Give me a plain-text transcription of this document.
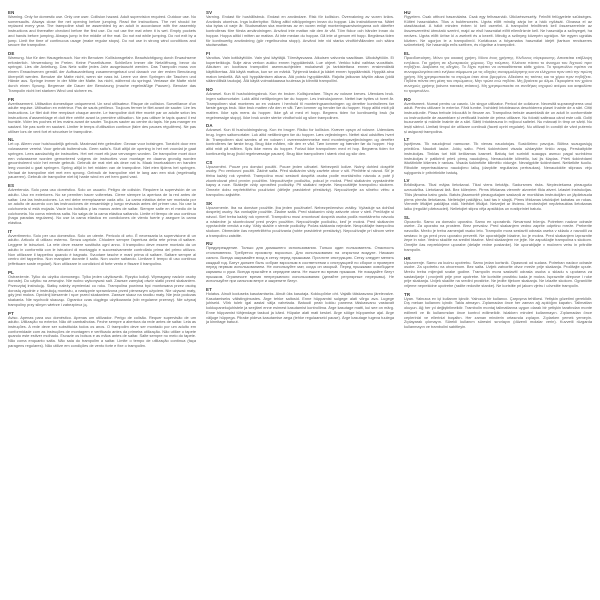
EN
Warning. Only for domestic use. Only one user. Collision hazard. Adult supervision required. Outdoor use. No somersaults. Always close the net opening before jumping. Read the instructions. The net should be replaced every year. The trampoline shall be assembled by an adult in accordance with the assembly instructions and thereafter checked before the first use. Do not use the mat when it is wet. Empty pockets and hands before jumping. Always jump in the middle of the mat. Do not eat while jumping. Do not exit by a jump. Limit the time of continuous usage (make regular stops). Do not use in strong wind conditions and secure the trampoline.
DE
Warnung. Nur für den Hausgebrauch. Nur ein Benutzer. Kollisionsgefahr. Beaufsichtigung durch Erwachsene erforderlich. Verwendung im Freien. Keine Purzelbäume. Schließen Immer die Netzöffnung, bevor du springst. Lies die Anleitung. Das Netz sollte jedes Jahr ausgetauscht werden. Das Trampolin muss von einem Erwachsenen gemäß der Aufbauanleitung zusammengebaut und danach vor der ersten Benutzung überprüft werden. Benutze die Matte nicht, wenn sie nass ist. Leere vor dem Springen die Taschen und Hände aus. Springe immer in der Mitte der Matte. Iss nicht, während du springst. Verlasse die Matte nicht durch einen Sprung. Begrenze die Dauer der Benutzung (mache regelmäßige Pausen). Benutze das Trampolin nicht bei starkem Wind und sichere es.
FR
Avertissement. Utilisation domestique uniquement. Un seul utilisateur. Risque de collision. Surveillance d'un adulte requise. Utilisation en extérieur. Pas de sauts périlleux. Toujours fermer le filet avant de sauter. Lire les instructions. Le filet doit être remplacé chaque année. Le trampoline doit être monté par un adulte selon les instructions d'assemblage et doit être vérifié avant la première utilisation. Ne pas utiliser le tapis quand il est humide. Vider les poches et les mains avant de sauter. Toujours sauter au centre du tapis. Ne pas manger en sautant. Ne pas sortir en sautant. Limiter le temps d'utilisation continue (faire des pauses régulières). Ne pas utiliser lors de vent fort et sécuriser le trampoline.
NL
Let op. Alleen voor huishoudelijk gebruik. Maximaal één gebruiker. Gevaar voor botsingen. Toezicht door een volwassene vereist. Voor gebruik buitenshuis. Geen salto's. Sluit altijd de opening in het net voordat je gaat springen. Lees aandachtig de instructies. Het net moet elk jaar vervangen worden. De trampoline moet door een volwassene worden gemonteerd volgens de instructies voor montage en daarna grondig worden gecontroleerd vóór het eerste gebruik. Gebruik de mat niet als deze nat is. Maak broekzakken en handen leeg voordat u gaat springen. Spring altijd in het midden van de trampoline. Niet eten tijdens het springen. Verlaat de trampoline niet met een sprong. Gebruik de trampoline niet te lang aan een stuk (regelmatig pauzeren). Gebruik de trampoline niet bij harde wind en zet hem goed vast.
ES
Advertencia. Solo para uso doméstico. Solo un usuario. Peligro de colisión. Requiere la supervisión de un adulto. Uso en exteriores. No se permiten hacer volteretas. Cierre siempre la apertura de la red antes de saltar. Lea las instrucciones. La red debe reemplazarse cada año. La cama elástica debe ser montada por un adulto de acuerdo con las instrucciones de ensamblaje y luego revisada antes del primer uso. No use la colchoneta si está mojada. Vacíe los bolsillos y las manos antes de saltar. Siempre salte en el medio de la colchoneta. No coma mientras salta. No salga de la cama elástica saltando. Limite el tiempo de uso continuo (haga paradas regulares). No use la cama elástica en condiciones de viento fuerte y asegure la cama elástica.
IT
Avvertimento. Solo per uso domestico. Solo un utente. Pericolo di urto. È necessaria la supervisione di un adulto. Articolo di utilizzo esterno. Senza capriole. Chiudere sempre l'apertura della rete prima di saltare. Leggere le istruzioni. La rete deve essere sostituita ogni anno. Il trampolino deve essere montato da un adulto in conformità con le istruzioni di montaggio e successivamente controllato prima del primo utilizzo. Non utilizzare il tappetino quando è bagnato. Svuotare tasche e mani prima di saltare. Saltare sempre al centro del tappetino. Non mangiare durante il salto. Non uscire saltando. Limitare il tempo di uso continuo (effettuare soste regolari). Non utilizzare in condizioni di forte vento e fissare il trampolino.
PL
Ostrzeżenie. Tylko do użytku domowego. Tylko jeden użytkownik. Ryzyko kolizji. Wymagany nadzór osoby dorosłej. Do użytku na zewnątrz. Nie wolno wykonywać salt. Zawsze zamykaj otwór siatki przed skakaniem. Przeczytaj instrukcję. Siatkę należy wymieniać co roku. Trampolina powinna być montowana przez osobę dorosłą zgodnie z instrukcją montażu, a następnie sprawdzona przed pierwszym użyciem. Nie używać maty, gdy jest mokra. Opróżnij kieszenie i ręce przed skakaniem. Zawsze skacz na środku maty. Nie jedz podczas skakania. Nie wychodź skacząc. Ogranicz czas ciągłego użytkowania (rób regularne przerwy). Nie używaj trampoliny przy silnym wietrze i zabezpiecz ją.
PT
Aviso. Apenas para uso doméstico. Apenas um utilizador. Perigo de colisão. Requer supervisão de um adulto. Utilização no exterior. Não dê cambalhotas. Feche sempre a abertura da rede antes de saltar. Leia as instruções. A rede deve ser substituída todos os anos. O trampolim deve ser montado por um adulto em conformidade com as instruções de montagem e verificado antes da primeira utilização. Não utilize o tapete quando este estiver molhado. Esvazie os bolsos e as mãos antes de saltar. Salte sempre no meio do tapete. Não coma enquanto salta. Não saia do trampolim a saltar. Limite o tempo de utilização contínua (faça paragens regulares). Não utilize em condições de vento forte e fixe o trampolim.
SV
Varning. Endast för hushållsbruk. Endast en användare. Risk för kollision. Övervakning av vuxen krävs. Används utomhus. Inga kullerbyttor. Stäng alltid nätöppningen innan du hoppar. Läs instruktionerna. Nätet ska bytas ut varje år. Studsmattan ska monteras av en vuxen enligt monteringsanvisningarna och därefter kontrolleras före första användningen. Använd inte mattan när den är våt. Töm fickor och händer innan du hoppar. Hoppa alltid i mitten av mattan. Ät inte medan du hoppar. Gå inte ut genom ett hopp. Begränsa tiden för kontinuerlig användning (gör regelbundna stopp). Använd inte vid starka vindförhållanden och säkra studsmattan.
FI
Varoitus. Vain kotikäyttöön. Vain yksi käyttäjä. Törmäysvaara. Aikuisen valvonta vaaditaan. Ulkokäyttöön. Ei kuperkeikkoja. Sulje aina verkon aukko ennen hyppäämistä. Lue ohjeet. Verkko tulisi vaihtaa vuosittain. Aikuisen on koottava trampoliini asennusohjeiden mukaisesti ja tarkistettava ennen ensimmäistä käyttökertaa. Älä käytä mattoa, kun se on märkä. Tyhjennä taskut ja kädet ennen hyppäämistä. Hyppää aina maton keskellä. Älä syö hyppäämisen aikana. Älä poistu hyppäämällä. Rajoita jatkuvan käytön aikaa (pidä säännöllisiä taukoja). Älä käytä voimakkaassa tuulessa ja kiinnitä trampoliini.
NO
Advarsel. Kun til husholdningsbruk. Kun én bruker. Kollisjonsfare. Tilsyn av voksne kreves. Utendørs bruk. Ingen saltomortaler. Lukk alltid nettåpningen før du hopper. Les instruksjonene. Nettet bør byttes ut hvert år. Trampolinen skal monteres av en voksen i henhold til monteringsanvisningen og deretter kontrolleres før første gangs bruk. Ikke bruk matten når den er våt. Tøm lommer og hender før du hopper. Hopp alltid midt på matten. Ikke spis mens du hopper. Ikke gå ut med et hopp. Begrens tiden for kontinuerlig bruk (ta regelmessige stopp). Ikke bruk under sterke vindforhold og sikre trampolinen.
DA
Advarsel. Kun til husholdningsbrug. Kun én bruger. Risiko for kollision. Kræver opsyn af voksne. Udendørs brug. Ingen saltomortaler. Luk altid netåbningen før du hopper. Læs vejledningen. Nettet skal udskiftes hvert år. Trampolinen skal samles af en voksen i overensstemmelse med monteringsvejledningen og derefter kontrolleres før første brug. Brug ikke måtten, når den er våd. Tøm lommer og hænder før du hopper. Hop altid midt på måtten. Spis ikke mens du hopper. Forlad ikke trampolinen med et hop. Begræns tiden for kontinuerlig brug (hold regelmæssige pauser). Brug ikke trampolinen i stærk vind og sikr den.
CS
Upozornění. Pouze pro domácí použití. Pouze jeden uživatel. Nebezpečí kolize. Nutný dohled dospělé osoby. Pro venkovní použití. Žádné salta. Před skákáním vždy zavřete otvor v síti. Přečtěte si návod. Síť je třeba každý rok vyměnit. Trampolínu musí sestavit dospělá osoba podle montážního návodu a poté ji zkontrolovat před prvním použitím. Nepoužívejte podložku, pokud je mokrá. Před skákáním vyprázdněte kapsy a ruce. Skákejte vždy uprostřed podložky. Při skákání nejezte. Neopouštějte trampolínu skokem. Omezte dobu nepřetržitého používání (dělejte pravidelné přestávky). Nepoužívejte za silného větru a trampolínu zajistěte.
SK
Upozornenie. Iba na domáce použitie. Iba jeden používateľ. Nebezpečenstvo zrážky. Vyžaduje sa dohľad dospelej osoby. Na vonkajšie použitie. Žiadne saltá. Pred skákaním vždy zatvorte otvor v sieti. Prečítajte si návod. Sieť treba každý rok vymeniť. Trampolínu musí zmontovať dospelá osoba podľa montážneho návodu a následne ju skontrolovať pred prvým použitím. Nepoužívajte podložku, keď je mokrá. Pred skákaním vyprázdnite vrecká a ruky. Vždy skáčte v strede podložky. Počas skákania nejedzte. Neopúšťajte trampolínu skokom. Obmedzte čas nepretržitého používania (robte pravidelné prestávky). Nepoužívajte pri silnom vetre a trampolínu zaistite.
RU
Предупреждение. Только для домашнего использования. Только один пользователь. Опасность столкновения. Требуется присмотр взрослых. Для использования на открытом воздухе. Никаких сальто. Всегда закрывайте вход в сетку перед прыжками. Прочтите инструкцию. Сетку следует менять каждый год. Батут должен быть собран взрослым в соответствии с инструкцией по сборке и проверен перед первым использованием. Не используйте мат, когда он мокрый. Перед прыжками освободите карманы и руки. Всегда прыгайте в середине мата. Не ешьте во время прыжков. Не покидайте батут прыжком. Ограничьте время непрерывного использования (делайте регулярные перерывы). Не используйте при сильном ветре и закрепите батут.
ET
Hoiatus. Ainult koduseks kasutamiseks. Ainult üks kasutaja. Kokkupõrke oht. Vajalik täiskasvanu järelevalve. Kasutamiseks välistingimustes. Ärge tehke saltosid. Enne hüppamist sulgege alati võrgu ava. Lugege juhiseid. Võrk tuleb igal aastal välja vahetada. Batuudi peab kokku panema täiskasvanu vastavalt kokkupanekujuhistele ja seejärel enne esimest kasutamist kontrollima. Ärge kasutage matti, kui see on märg. Enne hüppamist tühjendage taskud ja käed. Hüpake alati mati keskel. Ärge sööge hüppamise ajal. Ärge väljuge hüppega. Piirake pideva kasutamise aega (tehke regulaarseid pause). Ärge kasutage tugeva tuulega ja kinnitage batuut.
HU
Figyelem. Csak otthoni használatra. Csak egy felhasználó. Ütközésveszély. Felnőtt felügyelete szükséges. Kültéri használatra. Tilos a bukfencezés. Ugrás előtt mindig zárja be a háló nyílását. Olvassa el az utasításokat. A hálót minden évben ki kell cserélni. A trampolint felnőttnek kell összeszerelnie az összeszerelési útmutató szerint, majd az első használat előtt ellenőriznie kell. Ne használja a szőnyeget, ha nedves. Ugrás előtt ürítse ki a zsebeit és a kezeit. Mindig a szőnyeg közepén ugráljon. Ne egyen ugrálás közben. Ne ugorjon le a trampolinról. Korlátozza a folyamatos használat idejét (tartson rendszeres szüneteket). Ne használja erős szélben, és rögzítse a trampolint.
EL
Προειδοποίηση. Μόνο για οικιακή χρήση. Μόνο ένας χρήστης. Κίνδυνος σύγκρουσης. Απαιτείται επίβλεψη ενηλίκου. Για χρήση σε εξωτερικούς χώρους. Όχι τούμπες. Κλείνετε πάντα το άνοιγμα του διχτυού πριν πηδήξετε. Διαβάστε τις οδηγίες. Το δίχτυ πρέπει να αντικαθίσταται κάθε χρόνο. Το τραμπολίνο πρέπει να συναρμολογείται από ενήλικα σύμφωνα με τις οδηγίες συναρμολόγησης και να ελέγχεται πριν από την πρώτη χρήση. Μη χρησιμοποιείτε το στρώμα όταν είναι βρεγμένο. Αδειάστε τις τσέπες και τα χέρια πριν πηδήξετε. Πηδάτε πάντα στη μέση του στρώματος. Μην τρώτε ενώ πηδάτε. Μη βγαίνετε με άλμα. Περιορίστε τον χρόνο συνεχούς χρήσης (κάνετε τακτικές στάσεις). Μη χρησιμοποιείτε σε συνθήκες ισχυρού ανέμου και ασφαλίστε το τραμπολίνο.
RO
Avertisment. Numai pentru uz casnic. Un singur utilizator. Pericol de coliziune. Necesită supravegherea unui adult. Pentru utilizare în exterior. Fără tumbe. Închideți întotdeauna deschiderea plasei înainte de a sări. Citiți instrucțiunile. Plasa trebuie înlocuită în fiecare an. Trampolina trebuie asamblată de un adult în conformitate cu instrucțiunile de asamblare și verificată înainte de prima utilizare. Nu folosiți salteaua când este udă. Goliți buzunarele și mâinile înainte de a sări. Săriți întotdeauna în mijlocul saltelei. Nu mâncați în timp ce săriți. Nu ieșiți sărind. Limitați timpul de utilizare continuă (faceți opriri regulate). Nu utilizați în condiții de vânt puternic și asigurați trampolina.
LT
Įspėjimas. Tik naudojimui namuose. Tik vienas naudotojas. Susidūrimo pavojus. Būtina suaugusiųjų priežiūra. Naudoti lauke. Jokių salto. Prieš šokinėdami visada uždarykite tinklo angą. Perskaitykite instrukcijas. Tinklas turi būti keičiamas kasmet. Batutą turi surinkti suaugęs asmuo pagal surinkimo instrukcijas ir patikrinti prieš pirmą naudojimą. Nenaudokite kilimėlio, kai jis šlapias. Prieš šokinėdami ištuštinkite kišenes ir rankas. Visada šokinėkite kilimėlio viduryje. Nevalgykite šokinėdami. Neišeikite šuoliu. Ribokite nepertraukiamo naudojimo laiką (darykite reguliarias pertraukas). Nenaudokite stipraus vėjo sąlygomis ir pritvirtinkite batutą.
LV
Brīdinājums. Tikai mājas lietošanai. Tikai viens lietotājs. Sadursmes risks. Nepieciešama pieaugušo uzraudzība. Lietošanai ārā. Bez kūleņiem. Pirms lēkšanas vienmēr aizveriet tīkla atveri. Izlasiet instrukcijas. Tīkls jāmaina katru gadu. Batuts jāsamontē pieaugušajam saskaņā ar montāžas instrukcijām un jāpārbauda pirms pirmās lietošanas. Nelietojiet paklājiņu, kad tas ir slapjš. Pirms lēkšanas iztukšojiet kabatas un rokas. Vienmēr lēkājiet paklājiņa vidū. Neēdiet lēkājot. Neizejiet ar lēcienu. Ierobežojiet nepārtrauktas lietošanas laiku (regulāri pārtrauciet). Nelietojiet stipra vēja apstākļos un nostipriniet batutu.
SL
Opozorilo. Samo za domačo uporabo. Samo en uporabnik. Nevarnost trčenja. Potreben nadzor odrasle osebe. Za uporabo na prostem. Brez prevalov. Pred skakanjem vedno zaprite odprtino mreže. Preberite navodila. Mrežo je treba zamenjati vsako leto. Trampolin mora sestaviti odrasla oseba v skladu z navodili za sestavo in ga pred prvo uporabo preveriti. Ne uporabljajte blazine, ko je mokra. Pred skakanjem izpraznite žepe in roke. Vedno skačite na sredini blazine. Med skakanjem ne jejte. Ne zapuščajte trampolina s skokom. Omejite čas neprekinjene uporabe (delajte redne postanke). Ne uporabljajte v močnem vetru in pritrdite trampolin.
HR
Upozorenje. Samo za kućnu upotrebu. Samo jedan korisnik. Opasnost od sudara. Potreban nadzor odrasle osobe. Za upotrebu na otvorenom. Bez salta. Uvijek zatvorite otvor mreže prije skakanja. Pročitajte upute. Mrežu treba mijenjati svake godine. Trampolin mora sastaviti odrasla osoba u skladu s uputama za sastavljanje i provjeriti prije prve upotrebe. Ne koristite prostirku kada je mokra. Ispraznite džepove i ruke prije skakanja. Uvijek skačite na sredini prostirke. Ne jedite tijekom skakanja. Ne izlazite skokom. Ograničite vrijeme neprekidne upotrebe (radite redovite stanke). Ne koristite pri jakom vjetru i učvrstite trampolin.
TR
Uyarı. Yalnızca ev içi kullanım içindir. Yalnızca bir kullanıcı. Çarpışma tehlikesi. Yetişkin gözetimi gereklidir. Dış mekan kullanımı içindir. Takla atmayın. Zıplamadan önce her zaman ağ açıklığını kapatın. Talimatları okuyun. Ağ her yıl değiştirilmelidir. Trambolin montaj talimatlarına uygun olarak bir yetişkin tarafından monte edilmeli ve ilk kullanımdan önce kontrol edilmelidir. Islakken minderi kullanmayın. Zıplamadan önce ceplerinizi ve ellerinizi boşaltın. Her zaman minderin ortasında zıplayın. Zıplarken yemek yemeyin. Zıplayarak çıkmayın. Sürekli kullanım süresini sınırlayın (düzenli molalar verin). Kuvvetli rüzgarda kullanmayın ve trambolini sabitleyin.
